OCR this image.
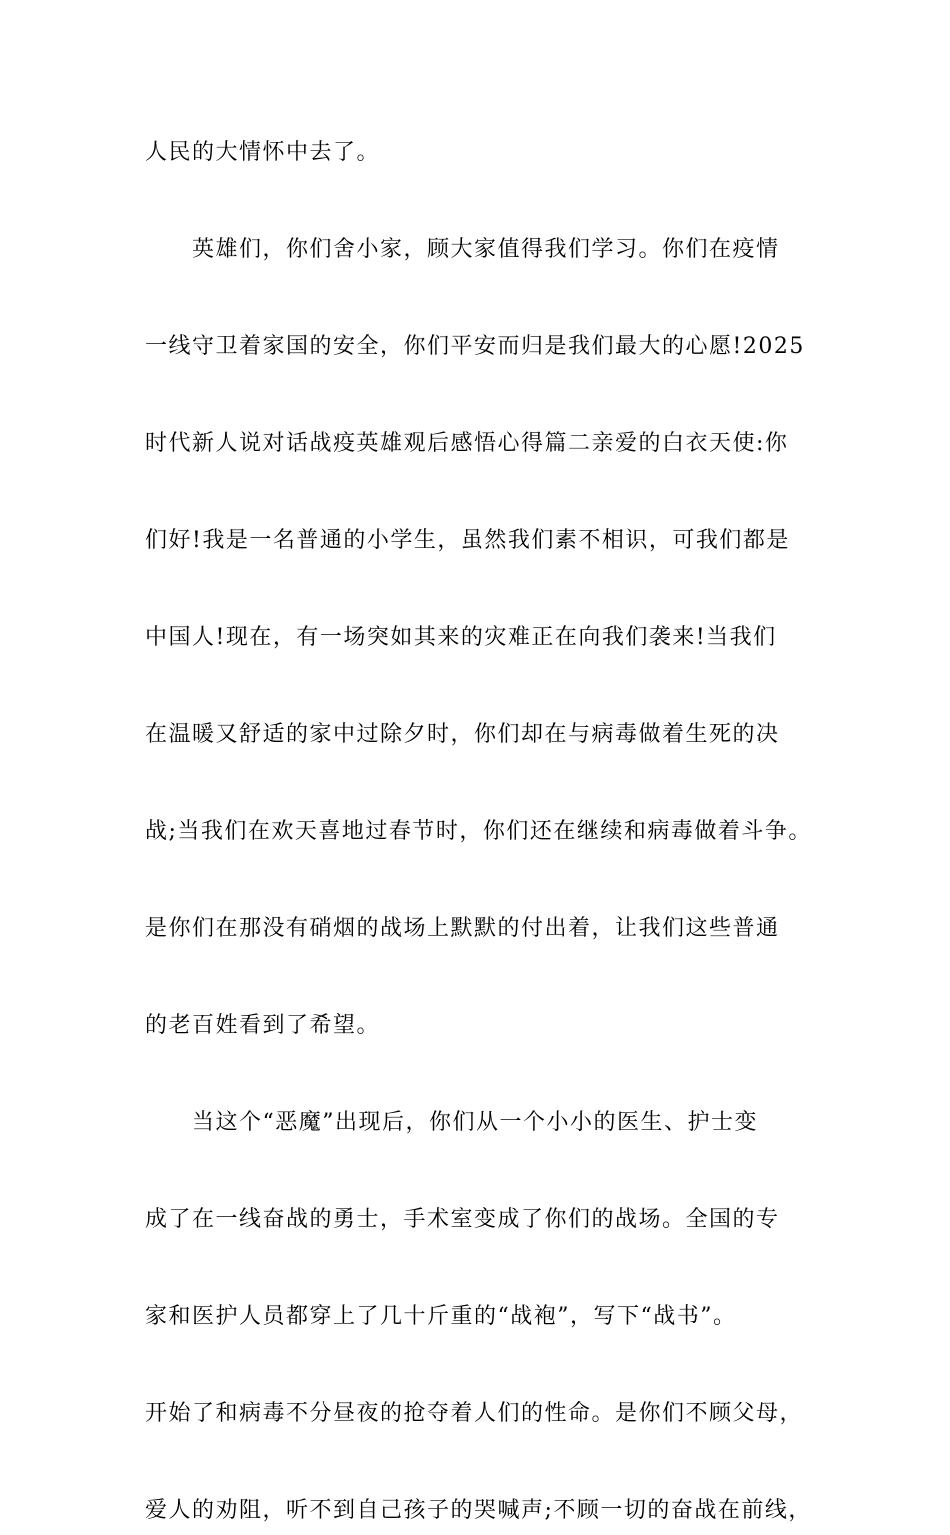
人民的大情怀中去了。
英雄们，你们舍小家，顾大家值得我们学习。你们在疫情
一线守卫着家国的安全，你们平安而归是我们最大的心愿!2025
时代新人说对话战疫英雄观后感悟心得篇二亲爱的白衣天使:你
们好!我是一名普通的小学生，虽然我们素不相识，可我们都是
中国人!现在，有一场突如其来的灾难正在向我们袭来!当我们
在温暖又舒适的家中过除夕时，你们却在与病毒做着生死的决
战;当我们在欢天喜地过春节时，你们还在继续和病毒做着斗争。
是你们在那没有硝烟的战场上默默的付出着，让我们这些普通
的老百姓看到了希望。
当这个“恶魔”出现后，你们从一个小小的医生、护士变
成了在一线奋战的勇士，手术室变成了你们的战场。全国的专
家和医护人员都穿上了几十斤重的“战袍”，写下“战书”。
开始了和病毒不分昼夜的抢夺着人们的性命。是你们不顾父母，
爱人的劝阻，听不到自己孩子的哭喊声;不顾一切的奋战在前线，
